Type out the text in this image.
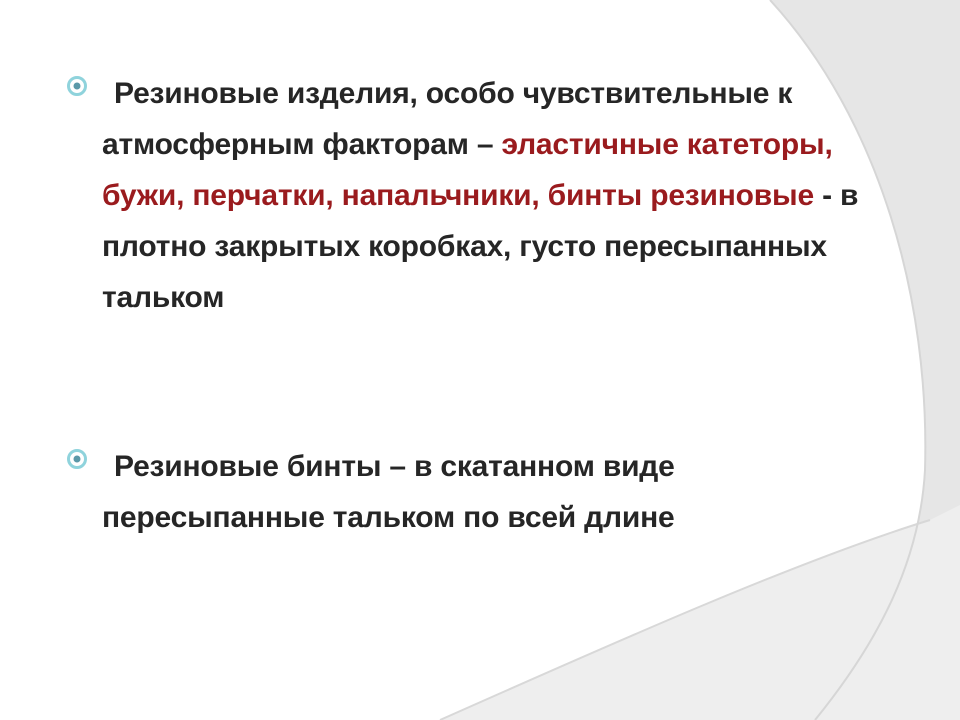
Резиновые изделия, особо чувствительные к атмосферным факторам – эластичные катеторы, бужи, перчатки, напальчники, бинты резиновые - в плотно закрытых коробках, густо пересыпанных тальком
Резиновые бинты – в скатанном виде пересыпанные тальком по всей длине
